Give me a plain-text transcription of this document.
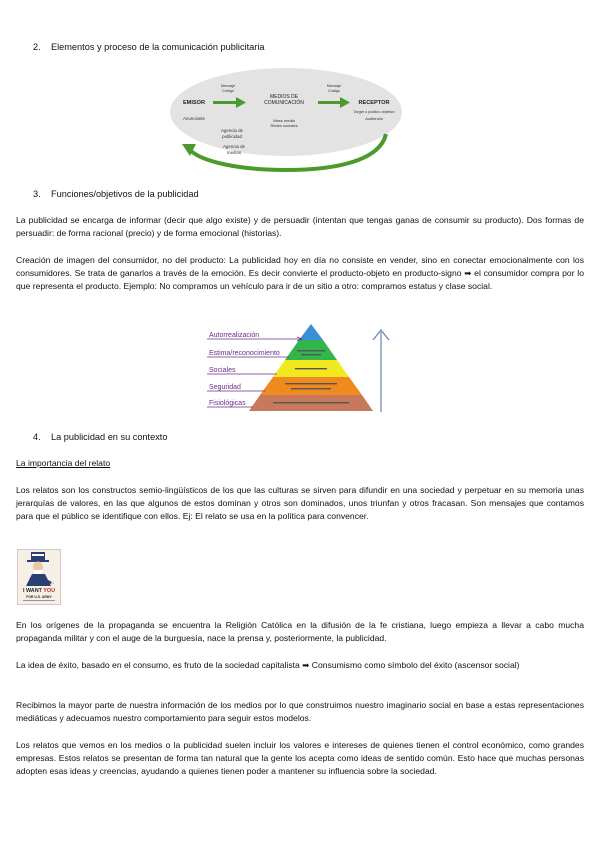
2. Elementos y proceso de la comunicación publicitaria
EMISOR
Mensaje
Código
MEDIOS DE
COMUNICACIÓN
Mensaje
Código
RECEPTOR
Anunciante
Agencia de
publicidad
Agencia de
medios
Mass media
Redes sociales
Target o público objetivo
Audiencia
3. Funciones/objetivos de la publicidad
La publicidad se encarga de informar (decir que algo existe) y de persuadir (intentan que tengas ganas de consumir su producto). Dos formas de persuadir: de forma racional (precio) y de forma emocional (historias).
Creación de imagen del consumidor, no del producto: La publicidad hoy en día no consiste en vender, sino en conectar emocionalmente con los consumidores. Se trata de ganarlos a través de la emoción. Es decir convierte el producto-objeto en producto-signo ➡ el consumidor compra por lo que representa el producto. Ejemplo: No compramos un vehículo para ir de un sitio a otro: compramos estatus y clase social.
Autorrealización
Estima/reconocimiento
Sociales
Seguridad
Fisiológicas
4. La publicidad en su contexto
La importancia del relato
Los relatos son los constructos semio-lingüísticos de los que las culturas se sirven para difundir en una sociedad y perpetuar en su memoria unas jerarquías de valores, en las que algunos de estos dominan y otros son dominados, unos triunfan y otros fracasan. Son mensajes que contamos para que el público se identifique con ellos. Ej: El relato se usa en la política para convencer.
I WANT YOU
FOR U.S. ARMY
En los orígenes de la propaganda se encuentra la Religión Católica en la difusión de la fe cristiana, luego empieza a llevar a cabo mucha propaganda militar y con el auge de la burguesía, nace la prensa y, posteriormente, la publicidad.
La idea de éxito, basado en el consumo, es fruto de la sociedad capitalista ➡ Consumismo como símbolo del éxito (ascensor social)
Recibimos la mayor parte de nuestra información de los medios por lo que construimos nuestro imaginario social en base a estas representaciones mediáticas y adecuamos nuestro comportamiento para seguir estos modelos.
Los relatos que vemos en los medios o la publicidad suelen incluir los valores e intereses de quienes tienen el control económico, como grandes empresas. Estos relatos se presentan de forma tan natural que la gente los acepta como ideas de sentido común. Esto hace que muchas personas adopten esas ideas y creencias, ayudando a quienes tienen poder a mantener su influencia sobre la sociedad.
